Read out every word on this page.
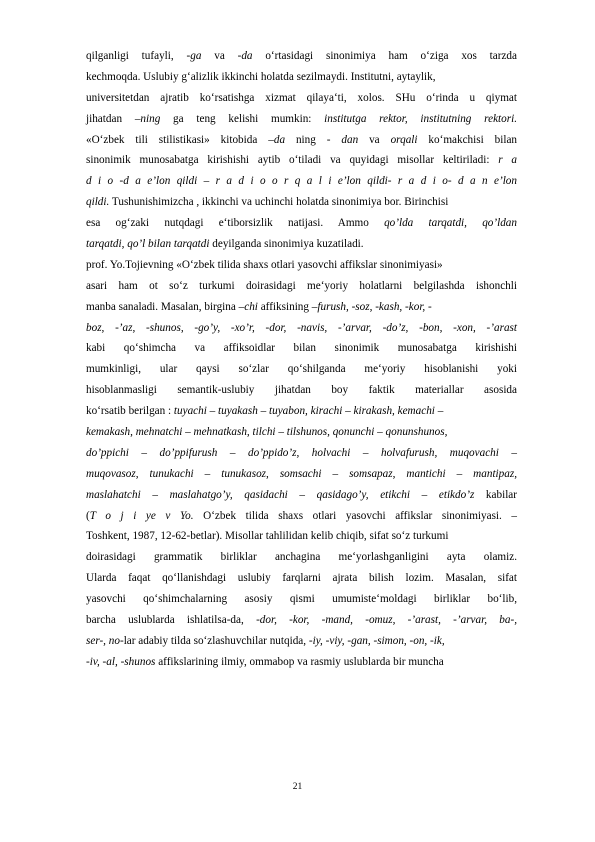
qilganligi tufayli, -ga va -da o‘rtasidagi sinonimiya ham o‘ziga xos tarzda
kechmoqda. Uslubiy g‘alizlik ikkinchi holatda sezilmaydi. Institutni, aytaylik,
universitetdan ajratib ko‘rsatishga xizmat qilaya‘ti, xolos. SHu o‘rinda u qiymat
jihatdan –ning ga teng kelishi mumkin: institutga rektor, institutning rektori.
«O‘zbek tili stilistikasi» kitobida –da ning - dan va orqali ko‘makchisi bilan
sinonimik munosabatga kirishishi aytib o‘tiladi va quyidagi misollar keltiriladi: r a
d i o -d a e’lon qildi – r a d i o o r q a l i e’lon qildi- r a d i o- d a n e’lon
qildi. Tushunishimizcha , ikkinchi va uchinchi holatda sinonimiya bor. Birinchisi
esa og‘zaki nutqdagi e‘tiborsizlik natijasi. Ammo qo’lda tarqatdi, qo’ldan
tarqatdi, qo’l bilan tarqatdi deyilganda sinonimiya kuzatiladi.
prof. Yo.Tojievning «O‘zbek tilida shaxs otlari yasovchi affikslar sinonimiyasi»
asari ham ot so‘z turkumi doirasidagi me‘yoriy holatlarni belgilashda ishonchli
manba sanaladi. Masalan, birgina –chi affiksining –furush, -soz, -kash, -kor, -
boz, -’az, -shunos, -go’y, -xo’r, -dor, -navis, -’arvar, -do’z, -bon, -xon, -’arast
kabi qo‘shimcha va affiksoidlar bilan sinonimik munosabatga kirishishi
mumkinligi, ular qaysi so‘zlar qo‘shilganda me‘yoriy hisoblanishi yoki
hisoblanmasligi semantik-uslubiy jihatdan boy faktik materiallar asosida
ko‘rsatib berilgan : tuyachi – tuyakash – tuyabon, kirachi – kirakash, kemachi –
kemakash, mehnatchi – mehnatkash, tilchi – tilshunos, qonunchi – qonunshunos,
do’ppichi – do’ppifurush – do’ppido’z, holvachi – holvafurush, muqovachi –
muqovasoz, tunukachi – tunukasoz, somsachi – somsapaz, mantichi – mantipaz,
maslahatchi – maslahatgo’y, qasidachi – qasidago’y, etikchi – etikdo’z kabilar
(T o j i ye v Yo. O‘zbek tilida shaxs otlari yasovchi affikslar sinonimiyasi. –
Toshkent, 1987, 12-62-betlar). Misollar tahlilidan kelib chiqib, sifat so‘z turkumi
doirasidagi grammatik birliklar anchagina me‘yorlashganligini ayta olamiz.
Ularda faqat qo‘llanishdagi uslubiy farqlarni ajrata bilish lozim. Masalan, sifat
yasovchi qo‘shimchalarning asosiy qismi umumiste‘moldagi birliklar bo‘lib,
barcha uslublarda ishlatilsa-da, -dor, -kor, -mand, -omuz, -’arast, -’arvar, ba-,
ser-, no-lar adabiy tilda so‘zlashuvchilar nutqida, -iy, -viy, -gan, -simon, -on, -ik,
-iv, -al, -shunos affikslarining ilmiy, ommabop va rasmiy uslublarda bir muncha
21
